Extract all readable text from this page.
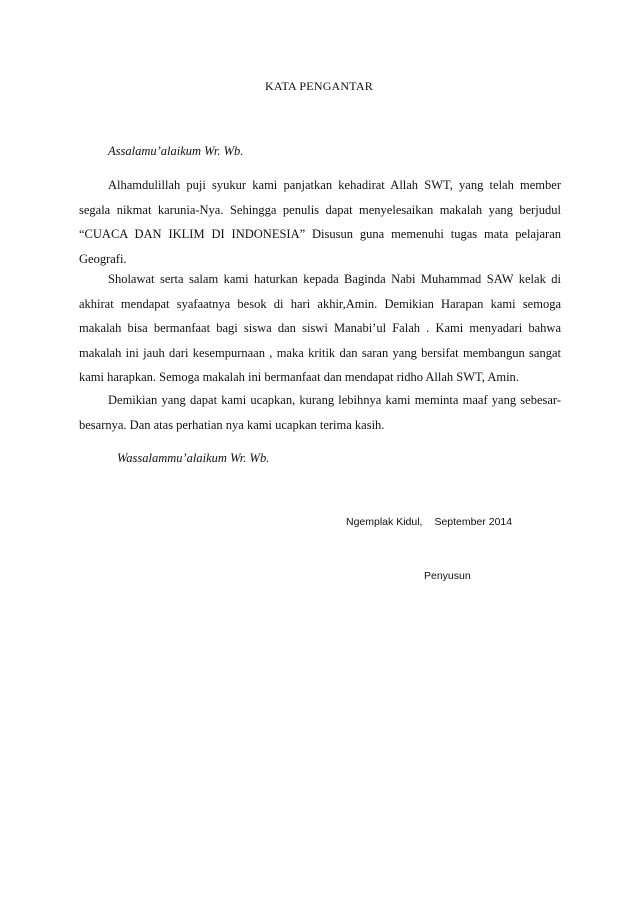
KATA PENGANTAR
Assalamu’alaikum Wr. Wb.
Alhamdulillah puji syukur kami panjatkan kehadirat Allah SWT, yang telah member segala nikmat karunia-Nya. Sehingga penulis dapat menyelesaikan makalah yang berjudul “CUACA DAN IKLIM DI INDONESIA” Disusun guna memenuhi tugas mata pelajaran Geografi.
Sholawat serta salam kami haturkan kepada Baginda Nabi Muhammad SAW kelak di akhirat mendapat syafaatnya besok di hari akhir,Amin. Demikian Harapan kami semoga makalah bisa bermanfaat bagi siswa dan siswi Manabi’ul Falah . Kami menyadari bahwa makalah ini jauh dari kesempurnaan , maka kritik dan saran yang bersifat membangun sangat kami harapkan. Semoga makalah ini bermanfaat dan mendapat ridho Allah SWT, Amin.
Demikian yang dapat kami ucapkan, kurang lebihnya kami meminta maaf yang sebesar-besarnya. Dan atas perhatian nya kami ucapkan terima kasih.
Wassalammu’alaikum Wr. Wb.
Ngemplak Kidul, September 2014
Penyusun
